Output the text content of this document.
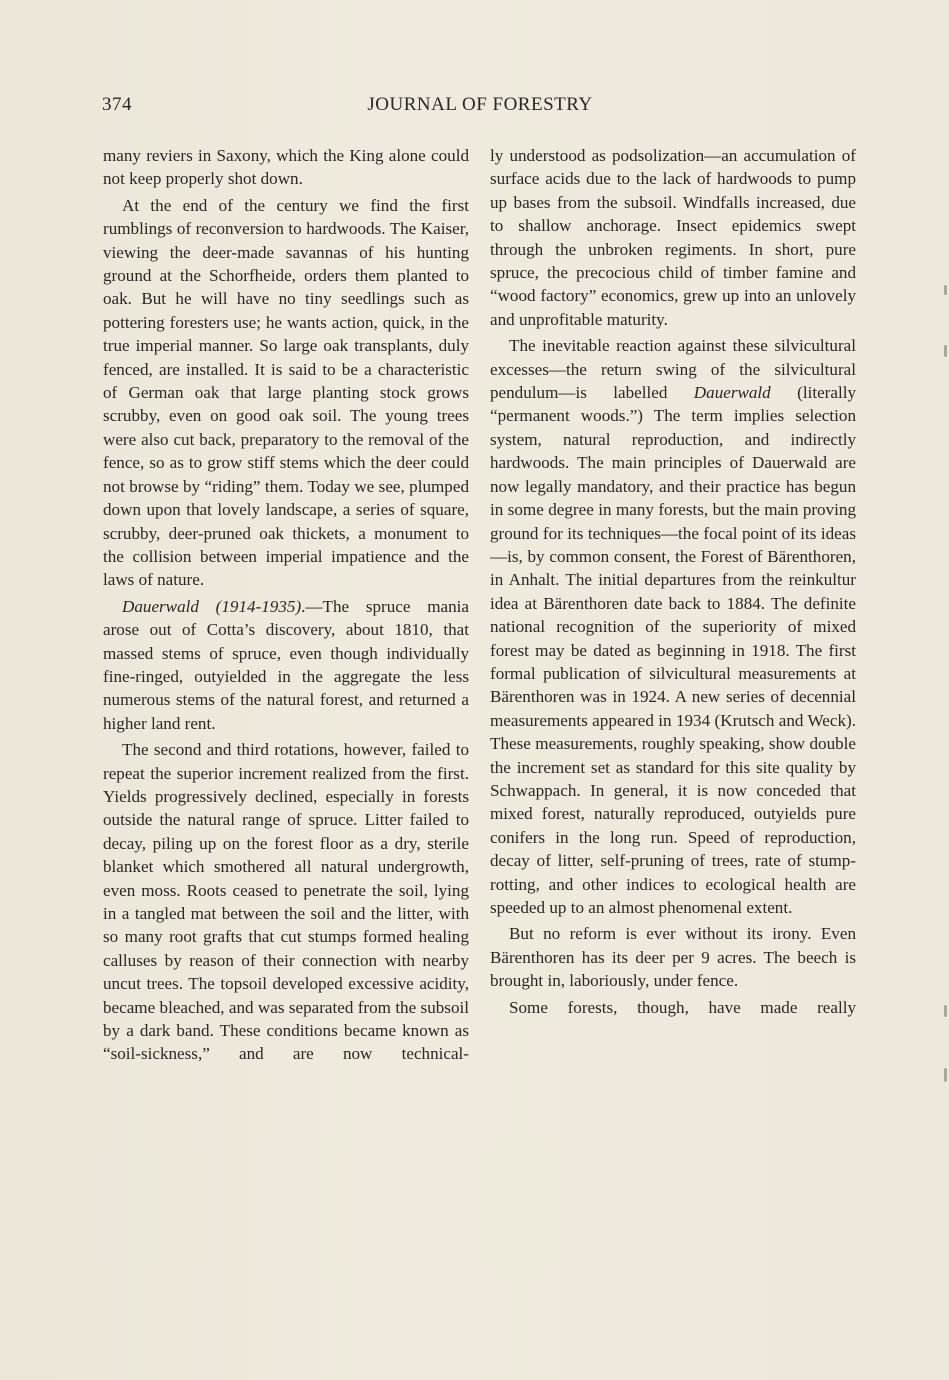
374	JOURNAL OF FORESTRY

many reviers in Saxony, which the King alone could not keep properly shot down.

At the end of the century we find the first rumblings of reconversion to hardwoods. The Kaiser, viewing the deer-made savannas of his hunting ground at the Schorfheide, orders them planted to oak. But he will have no tiny seedlings such as pottering foresters use; he wants action, quick, in the true imperial manner. So large oak transplants, duly fenced, are installed. It is said to be a characteristic of German oak that large planting stock grows scrubby, even on good oak soil. The young trees were also cut back, preparatory to the removal of the fence, so as to grow stiff stems which the deer could not browse by “riding” them. Today we see, plumped down upon that lovely landscape, a series of square, scrubby, deer-pruned oak thickets, a monument to the collision between imperial impatience and the laws of nature.

Dauerwald (1914-1935).—The spruce mania arose out of Cotta’s discovery, about 1810, that massed stems of spruce, even though individually fine-ringed, outyielded in the aggregate the less numerous stems of the natural forest, and returned a higher land rent.

The second and third rotations, however, failed to repeat the superior increment realized from the first. Yields progressively declined, especially in forests outside the natural range of spruce. Litter failed to decay, piling up on the forest floor as a dry, sterile blanket which smothered all natural undergrowth, even moss. Roots ceased to penetrate the soil, lying in a tangled mat between the soil and the litter, with so many root grafts that cut stumps formed healing calluses by reason of their connection with nearby uncut trees. The topsoil developed excessive acidity, became bleached, and was separated from the subsoil by a dark band. These conditions became known as “soil-sickness,” and are now technical-

ly understood as podsolization—an accumulation of surface acids due to the lack of hardwoods to pump up bases from the subsoil. Windfalls increased, due to shallow anchorage. Insect epidemics swept through the unbroken regiments. In short, pure spruce, the precocious child of timber famine and “wood factory” economics, grew up into an unlovely and unprofitable maturity.

The inevitable reaction against these silvicultural excesses—the return swing of the silvicultural pendulum—is labelled Dauerwald (literally “permanent woods.”) The term implies selection system, natural reproduction, and indirectly hardwoods. The main principles of Dauerwald are now legally mandatory, and their practice has begun in some degree in many forests, but the main proving ground for its techniques—the focal point of its ideas—is, by common consent, the Forest of Bärenthoren, in Anhalt. The initial departures from the reinkultur idea at Bärenthoren date back to 1884. The definite national recognition of the superiority of mixed forest may be dated as beginning in 1918. The first formal publication of silvicultural measurements at Bärenthoren was in 1924. A new series of decennial measurements appeared in 1934 (Krutsch and Weck). These measurements, roughly speaking, show double the increment set as standard for this site quality by Schwappach. In general, it is now conceded that mixed forest, naturally reproduced, outyields pure conifers in the long run. Speed of reproduction, decay of litter, self-pruning of trees, rate of stump-rotting, and other indices to ecological health are speeded up to an almost phenomenal extent.

But no reform is ever without its irony. Even Bärenthoren has its deer per 9 acres. The beech is brought in, laboriously, under fence.

Some forests, though, have made really
